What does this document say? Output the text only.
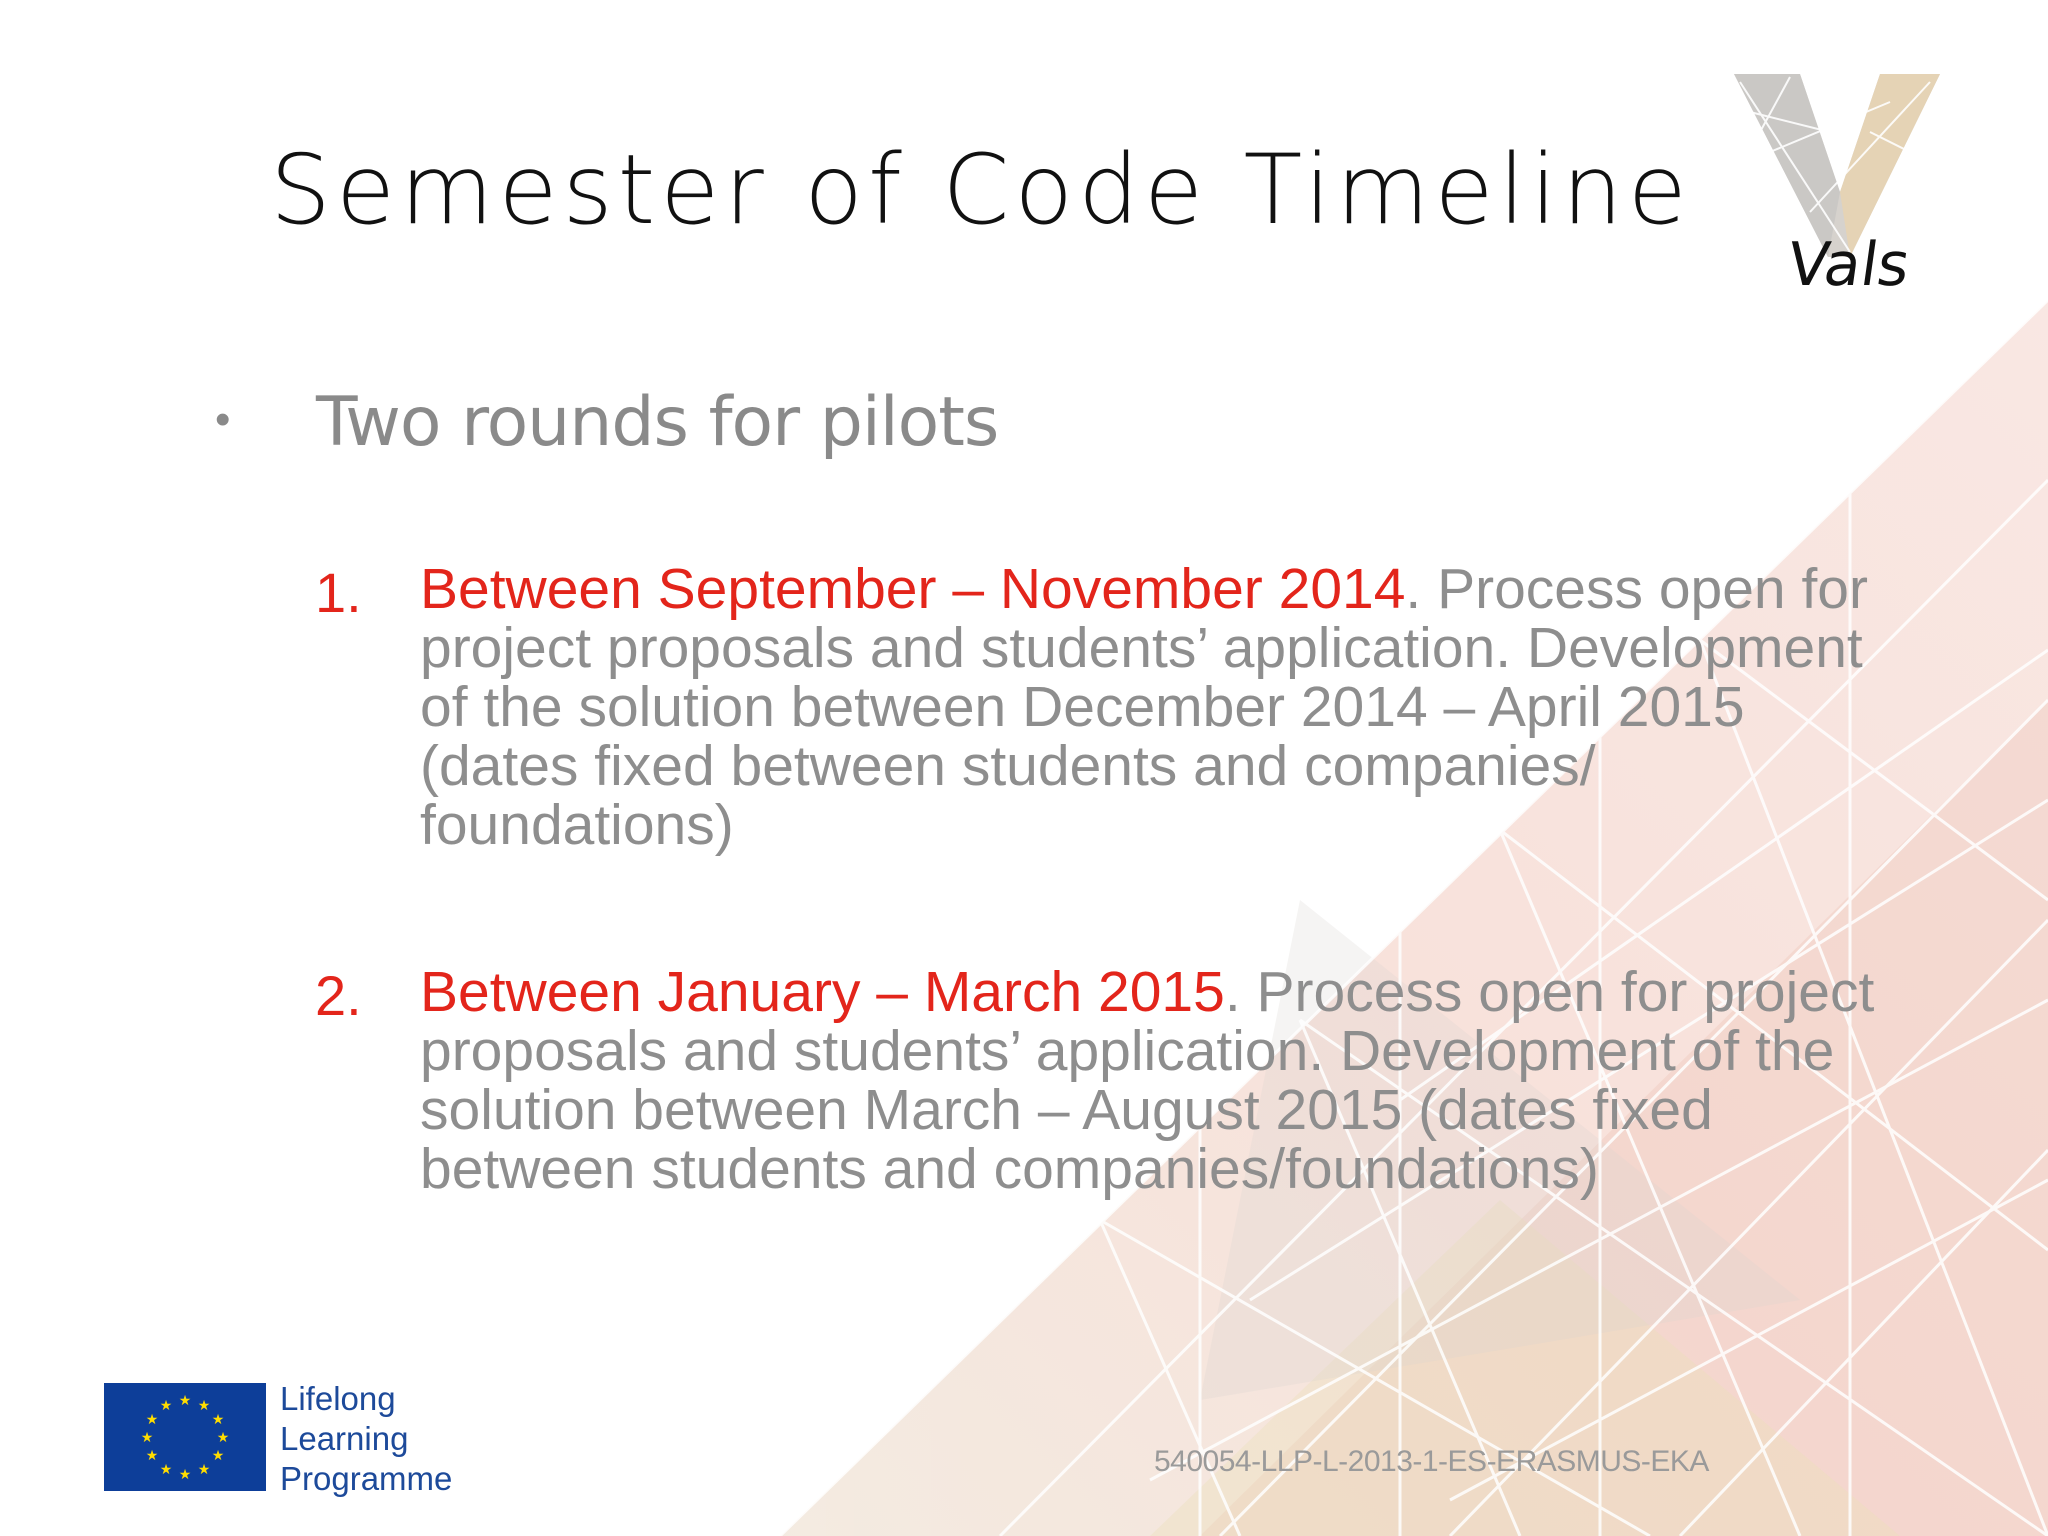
Semester of Code Timeline
Vals
• Two rounds for pilots
1. Between September – November 2014. Process open for
project proposals and students’ application. Development
of the solution between December 2014 – April 2015
(dates fixed between students and companies/
foundations)
2. Between January – March 2015. Process open for project
proposals and students’ application. Development of the
solution between March – August 2015 (dates fixed
between students and companies/foundations)
★ ★
★
★
★
★
★
★
★
★
★
★	Lifelong
Learning
Programme	540054-LLP-L-2013-1-ES-ERASMUS-EKA
